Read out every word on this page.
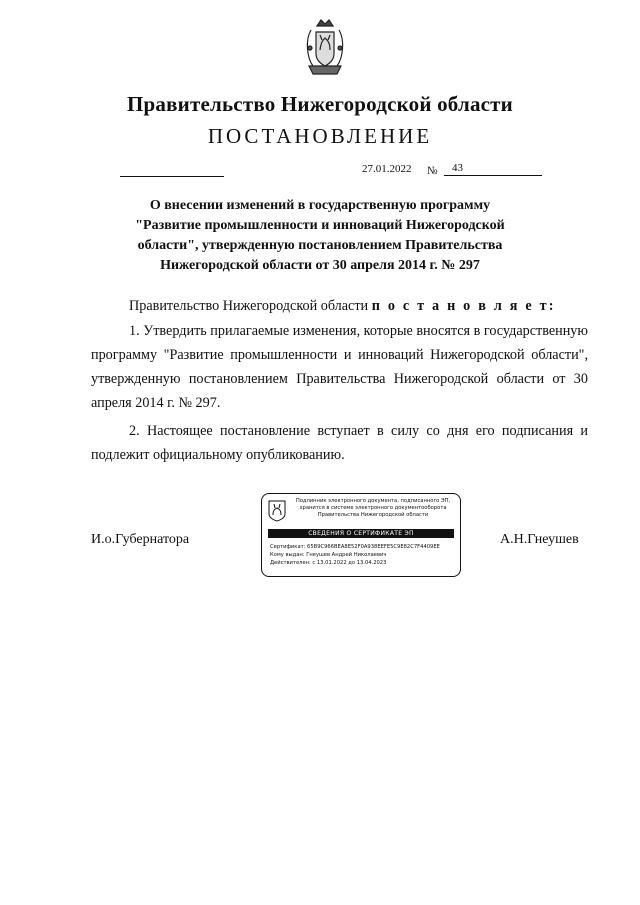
Правительство Нижегородской области
ПОСТАНОВЛЕНИЕ
27.01.2022 №	43
О внесении изменений в государственную программу
"Развитие промышленности и инноваций Нижегородской
области", утвержденную постановлением Правительства
Нижегородской области от 30 апреля 2014 г. № 297

Правительство Нижегородской области п о с т а н о в л я е т:

1. Утвердить прилагаемые изменения, которые вносятся в государственную программу "Развитие промышленности и инноваций Нижегородской области", утвержденную постановлением Правительства Нижегородской области от 30 апреля 2014 г. № 297.

2. Настоящее постановление вступает в силу со дня его подписания и подлежит официальному опубликованию.

И.о.Губернатора
Подлинник электронного документа, подписанного ЭП,
хранится в системе электронного документооборота
Правительства Нижегородской области
СВЕДЕНИЯ О СЕРТИФИКАТЕ ЭП
Сертификат: 65B9C966BEA8E52F0A938EEFE5C9E82C7F4409EE
Кому выдан: Гнеушев Андрей Николаевич
Действителен: с 13.01.2022 до 13.04.2023
А.Н.Гнеушев
